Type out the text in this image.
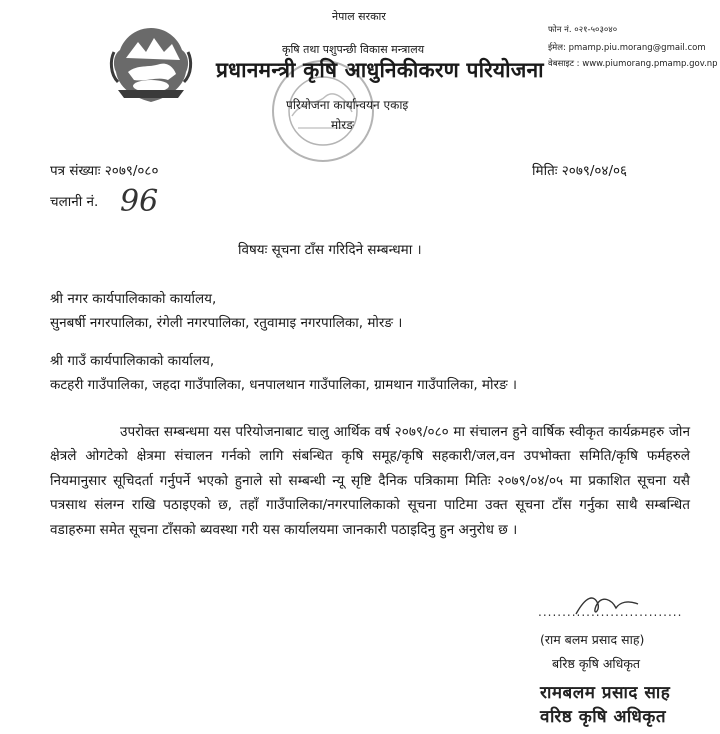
नेपाल सरकार
कृषि तथा पशुपन्छी विकास मन्त्रालय
प्रधानमन्त्री कृषि आधुनिकीकरण परियोजना
परियोजना कार्यान्वयन एकाइ
मोरङ
फोन नं. ०२१-५०३०४०
ईमेल: pmamp.piu.morang@gmail.com
वेबसाइट : www.piumorang.pmamp.gov.np
पत्र संख्याः २०७९/०८०	मितिः २०७९/०४/०६
चलानी नं. 96
विषयः सूचना टाँस गरिदिने सम्बन्धमा ।
श्री नगर कार्यपालिकाको कार्यालय,
सुनबर्षी नगरपालिका, रंगेली नगरपालिका, रतुवामाइ नगरपालिका, मोरङ ।
श्री गाउँ कार्यपालिकाको कार्यालय,
कटहरी गाउँपालिका, जहदा गाउँपालिका, धनपालथान गाउँपालिका, ग्रामथान गाउँपालिका, मोरङ ।
उपरोक्त सम्बन्धमा यस परियोजनाबाट चालु आर्थिक वर्ष २०७९/०८० मा संचालन हुने वार्षिक स्वीकृत कार्यक्रमहरु जोन क्षेत्रले ओगटेको क्षेत्रमा संचालन गर्नको लागि संबन्धित कृषि समूह/कृषि सहकारी/जल,वन उपभोक्ता समिति/कृषि फर्महरुले नियमानुसार सूचिदर्ता गर्नुपर्ने भएको हुनाले सो सम्बन्धी न्यू सृष्टि दैनिक पत्रिकामा मितिः २०७९/०४/०५ मा प्रकाशित सूचना यसै पत्रसाथ संलग्न राखि पठाइएको छ, तहाँ गाउँपालिका/नगरपालिकाको सूचना पाटिमा उक्त सूचना टाँस गर्नुका साथै सम्बन्धित वडाहरुमा समेत सूचना टाँसको ब्यवस्था गरी यस कार्यालयमा जानकारी पठाइदिनु हुन अनुरोध छ ।
..............................
(राम बलम प्रसाद साह)
बरिष्ठ कृषि अधिकृत
रामबलम प्रसाद साह
वरिष्ठ कृषि अधिकृत
